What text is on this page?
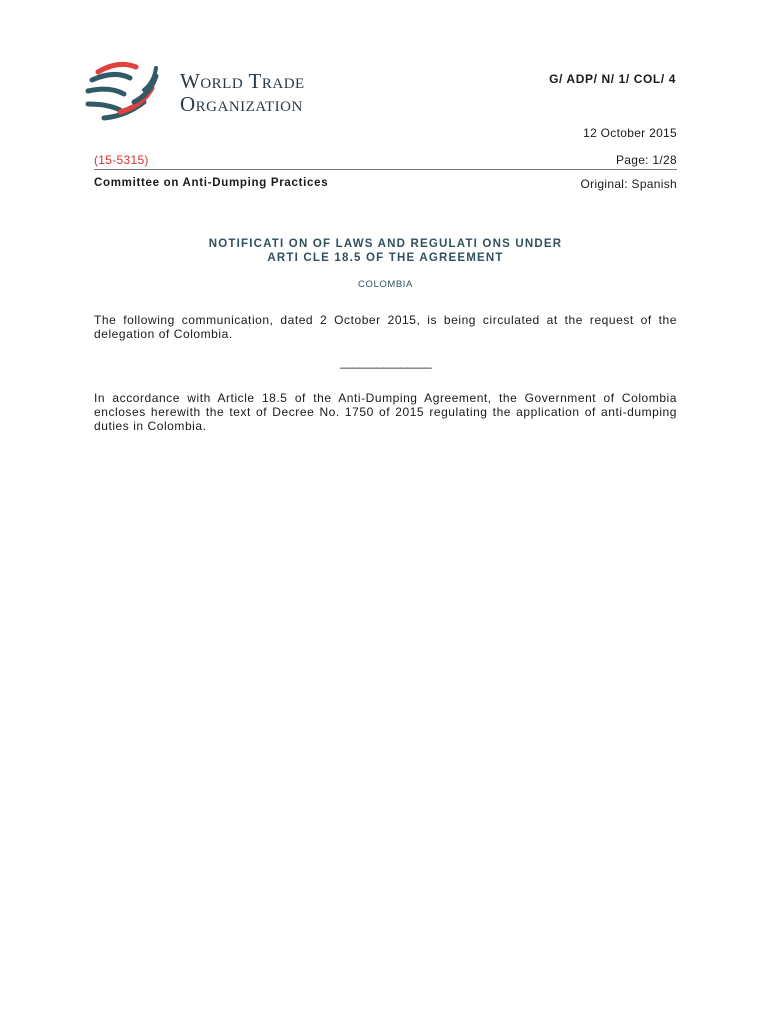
World Trade
Organization
G/ ADP/ N/ 1/ COL/ 4
12 October 2015
(15-5315)	Page: 1/28
Committee on Anti-Dumping Practices	Original: Spanish
NOTIFICATI ON OF LAWS AND REGULATI ONS UNDER
ARTI CLE 18.5 OF THE AGREEMENT
COLOMBIA
The following communication, dated 2 October 2015, is being circulated at the request of the delegation of Colombia.
_______________
In accordance with Article 18.5 of the Anti-Dumping Agreement, the Government of Colombia encloses herewith the text of Decree No. 1750 of 2015 regulating the application of anti-dumping duties in Colombia.
